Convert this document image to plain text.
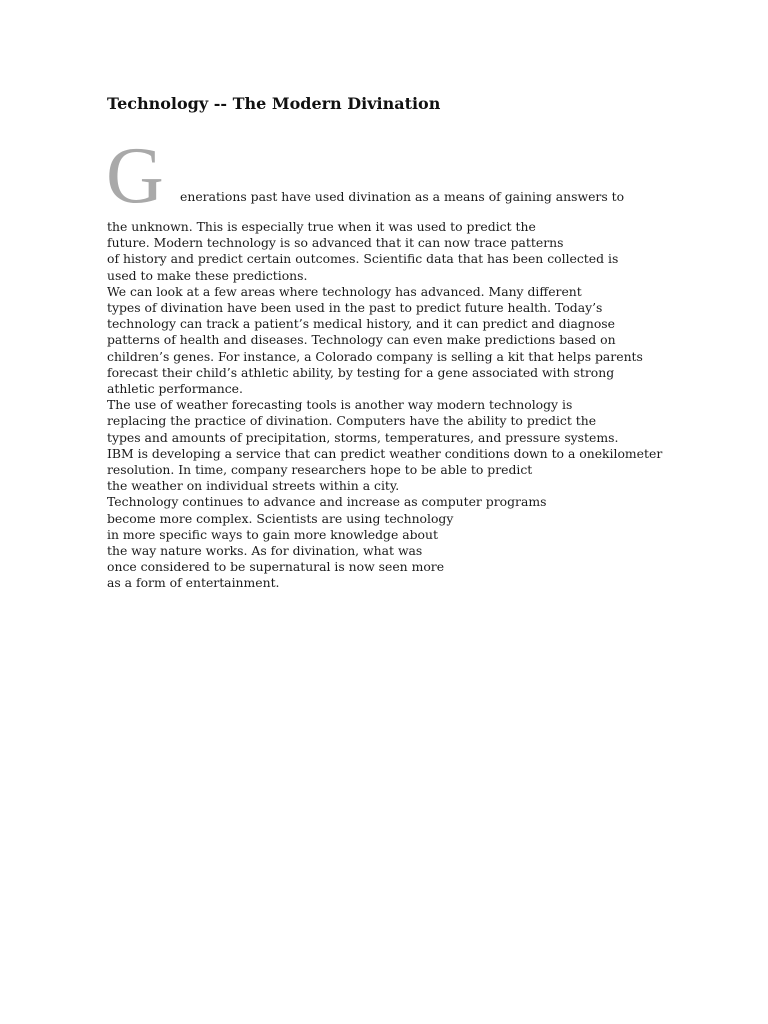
Technology -- The Modern Divination
G enerations past have used divination as a means of gaining answers to
the unknown. This is especially true when it was used to predict the
future. Modern technology is so advanced that it can now trace patterns
of history and predict certain outcomes. Scientific data that has been collected is
used to make these predictions.
We can look at a few areas where technology has advanced. Many different
types of divination have been used in the past to predict future health. Today’s
technology can track a patient’s medical history, and it can predict and diagnose
patterns of health and diseases. Technology can even make predictions based on
children’s genes. For instance, a Colorado company is selling a kit that helps parents
forecast their child’s athletic ability, by testing for a gene associated with strong
athletic performance.
The use of weather forecasting tools is another way modern technology is
replacing the practice of divination. Computers have the ability to predict the
types and amounts of precipitation, storms, temperatures, and pressure systems.
IBM is developing a service that can predict weather conditions down to a onekilometer
resolution. In time, company researchers hope to be able to predict
the weather on individual streets within a city.
Technology continues to advance and increase as computer programs
become more complex. Scientists are using technology
in more specific ways to gain more knowledge about
the way nature works. As for divination, what was
once considered to be supernatural is now seen more
as a form of entertainment.
